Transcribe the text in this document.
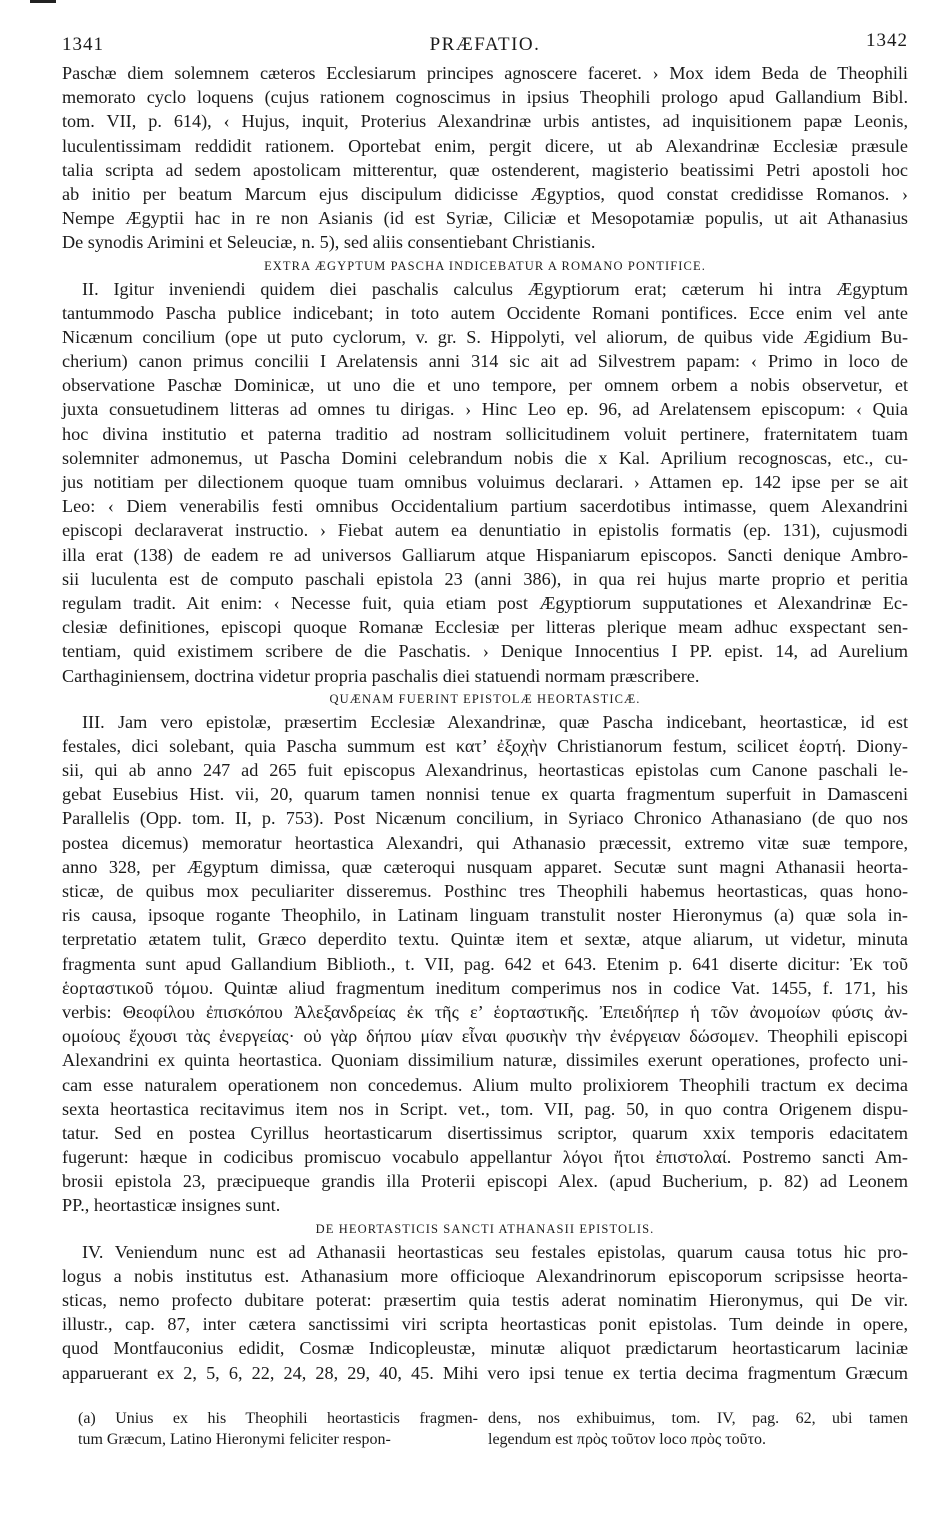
1341	PRÆFATIO.	1342
Paschæ diem solemnem cæteros Ecclesiarum principes agnoscere faceret. › Mox idem Beda de Theophili
memorato cyclo loquens (cujus rationem cognoscimus in ipsius Theophili prologo apud Gallandium Bibl.
tom. VII, p. 614), ‹ Hujus, inquit, Proterius Alexandrinæ urbis antistes, ad inquisitionem papæ Leonis,
luculentissimam reddidit rationem. Oportebat enim, pergit dicere, ut ab Alexandrinæ Ecclesiæ præsule
talia scripta ad sedem apostolicam mitterentur, quæ ostenderent, magisterio beatissimi Petri apostoli hoc
ab initio per beatum Marcum ejus discipulum didicisse Ægyptios, quod constat credidisse Romanos. ›
Nempe Ægyptii hac in re non Asianis (id est Syriæ, Ciliciæ et Mesopotamiæ populis, ut ait Athanasius
De synodis Arimini et Seleuciæ, n. 5), sed aliis consentiebant Christianis.
EXTRA ÆGYPTUM PASCHA INDICEBATUR A ROMANO PONTIFICE.
II. Igitur inveniendi quidem diei paschalis calculus Ægyptiorum erat; cæterum hi intra Ægyptum
tantummodo Pascha publice indicebant; in toto autem Occidente Romani pontifices. Ecce enim vel ante
Nicænum concilium (ope ut puto cyclorum, v. gr. S. Hippolyti, vel aliorum, de quibus vide Ægidium Bu-
cherium) canon primus concilii I Arelatensis anni 314 sic ait ad Silvestrem papam: ‹ Primo in loco de
observatione Paschæ Dominicæ, ut uno die et uno tempore, per omnem orbem a nobis observetur, et
juxta consuetudinem litteras ad omnes tu dirigas. › Hinc Leo ep. 96, ad Arelatensem episcopum: ‹ Quia
hoc divina institutio et paterna traditio ad nostram sollicitudinem voluit pertinere, fraternitatem tuam
solemniter admonemus, ut Pascha Domini celebrandum nobis die x Kal. Aprilium recognoscas, etc., cu-
jus notitiam per dilectionem quoque tuam omnibus voluimus declarari. › Attamen ep. 142 ipse per se ait
Leo: ‹ Diem venerabilis festi omnibus Occidentalium partium sacerdotibus intimasse, quem Alexandrini
episcopi declaraverat instructio. › Fiebat autem ea denuntiatio in epistolis formatis (ep. 131), cujusmodi
illa erat (138) de eadem re ad universos Galliarum atque Hispaniarum episcopos. Sancti denique Ambro-
sii luculenta est de computo paschali epistola 23 (anni 386), in qua rei hujus marte proprio et peritia
regulam tradit. Ait enim: ‹ Necesse fuit, quia etiam post Ægyptiorum supputationes et Alexandrinæ Ec-
clesiæ definitiones, episcopi quoque Romanæ Ecclesiæ per litteras plerique meam adhuc exspectant sen-
tentiam, quid existimem scribere de die Paschatis. › Denique Innocentius I PP. epist. 14, ad Aurelium
Carthaginiensem, doctrina videtur propria paschalis diei statuendi normam præscribere.
QUÆNAM FUERINT EPISTOLÆ HEORTASTICÆ.
III. Jam vero epistolæ, præsertim Ecclesiæ Alexandrinæ, quæ Pascha indicebant, heortasticæ, id est
festales, dici solebant, quia Pascha summum est κατ’ ἐξοχὴν Christianorum festum, scilicet ἑορτή. Diony-
sii, qui ab anno 247 ad 265 fuit episcopus Alexandrinus, heortasticas epistolas cum Canone paschali le-
gebat Eusebius Hist. vii, 20, quarum tamen nonnisi tenue ex quarta fragmentum superfuit in Damasceni
Parallelis (Opp. tom. II, p. 753). Post Nicænum concilium, in Syriaco Chronico Athanasiano (de quo nos
postea dicemus) memoratur heortastica Alexandri, qui Athanasio præcessit, extremo vitæ suæ tempore,
anno 328, per Ægyptum dimissa, quæ cæteroqui nusquam apparet. Secutæ sunt magni Athanasii heorta-
sticæ, de quibus mox peculiariter disseremus. Posthinc tres Theophili habemus heortasticas, quas hono-
ris causa, ipsoque rogante Theophilo, in Latinam linguam transtulit noster Hieronymus (a) quæ sola in-
terpretatio ætatem tulit, Græco deperdito textu. Quintæ item et sextæ, atque aliarum, ut videtur, minuta
fragmenta sunt apud Gallandium Biblioth., t. VII, pag. 642 et 643. Etenim p. 641 diserte dicitur: Ἐκ τοῦ
ἑορταστικοῦ τόμου. Quintæ aliud fragmentum ineditum comperimus nos in codice Vat. 1455, f. 171, his
verbis: Θεοφίλου ἐπισκόπου Ἀλεξανδρείας ἐκ τῆς ε’ ἑορταστικῆς. Ἐπειδήπερ ἡ τῶν ἀνομοίων φύσις ἀν-
ομοίους ἔχουσι τὰς ἐνεργείας· οὐ γὰρ δήπου μίαν εἶναι φυσικὴν τὴν ἐνέργειαν δώσομεν. Theophili episcopi
Alexandrini ex quinta heortastica. Quoniam dissimilium naturæ, dissimiles exerunt operationes, profecto uni-
cam esse naturalem operationem non concedemus. Alium multo prolixiorem Theophili tractum ex decima
sexta heortastica recitavimus item nos in Script. vet., tom. VII, pag. 50, in quo contra Origenem dispu-
tatur. Sed en postea Cyrillus heortasticarum disertissimus scriptor, quarum xxix temporis edacitatem
fugerunt: hæque in codicibus promiscuo vocabulo appellantur λόγοι ἤτοι ἐπιστολαί. Postremo sancti Am-
brosii epistola 23, præcipueque grandis illa Proterii episcopi Alex. (apud Bucherium, p. 82) ad Leonem
PP., heortasticæ insignes sunt.
DE HEORTASTICIS SANCTI ATHANASII EPISTOLIS.
IV. Veniendum nunc est ad Athanasii heortasticas seu festales epistolas, quarum causa totus hic pro-
logus a nobis institutus est. Athanasium more officioque Alexandrinorum episcoporum scripsisse heorta-
sticas, nemo profecto dubitare poterat: præsertim quia testis aderat nominatim Hieronymus, qui De vir.
illustr., cap. 87, inter cætera sanctissimi viri scripta heortasticas ponit epistolas. Tum deinde in opere,
quod Montfauconius edidit, Cosmæ Indicopleustæ, minutæ aliquot prædictarum heortasticarum laciniæ
apparuerant ex 2, 5, 6, 22, 24, 28, 29, 40, 45. Mihi vero ipsi tenue ex tertia decima fragmentum Græcum
(a) Unius ex his Theophili heortasticis fragmen-
tum Græcum, Latino Hieronymi feliciter respon-
dens, nos exhibuimus, tom. IV, pag. 62, ubi tamen
legendum est πρὸς τοῦτον loco πρὸς τοῦτο.
